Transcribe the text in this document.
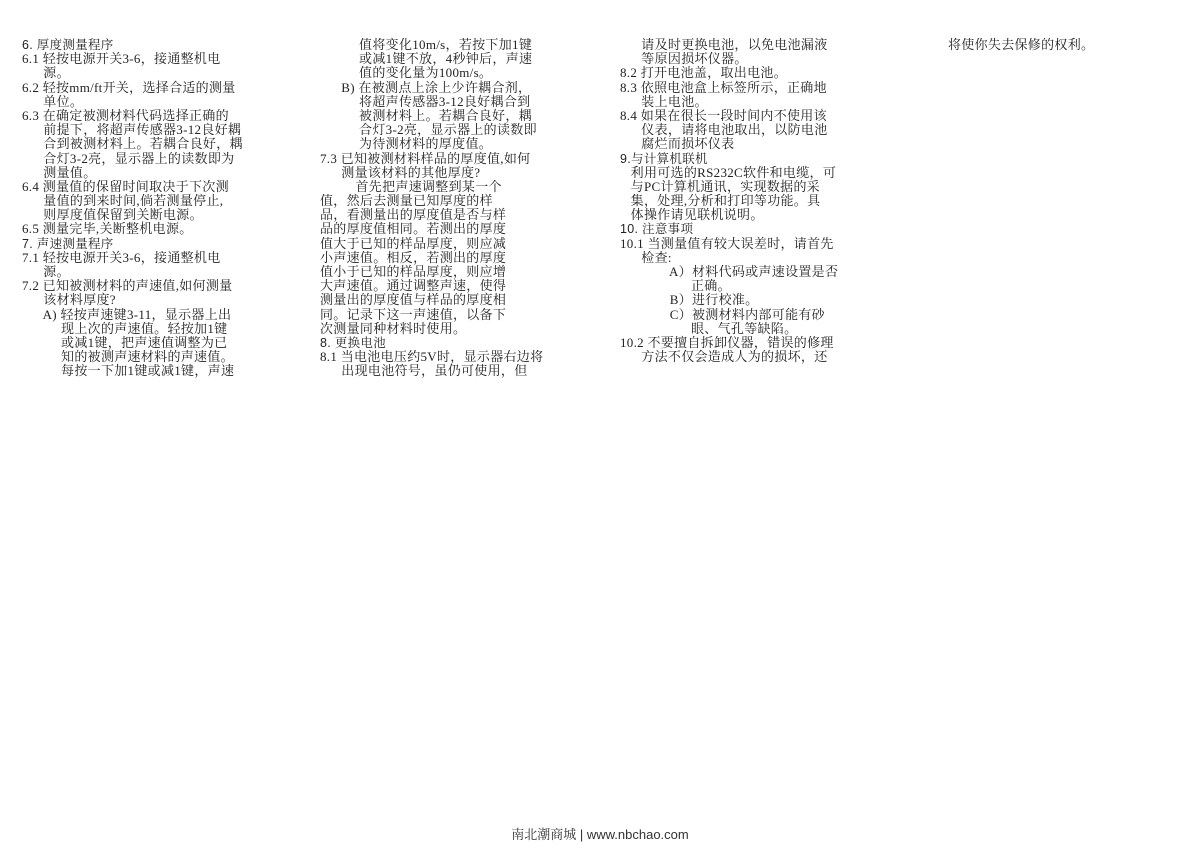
6. 厚度测量程序
6.1 轻按电源开关3-6，接通整机电
源。
6.2 轻按mm/ft开关，选择合适的测量
单位。
6.3 在确定被测材料代码选择正确的
前提下，将超声传感器3-12良好耦
合到被测材料上。若耦合良好，耦
合灯3-2亮，显示器上的读数即为
测量值。
6.4 测量值的保留时间取决于下次测
量值的到来时间,倘若测量停止,
则厚度值保留到关断电源。
6.5 测量完毕,关断整机电源。
7. 声速测量程序
7.1 轻按电源开关3-6，接通整机电
源。
7.2 已知被测材料的声速值,如何测量
该材料厚度?
A) 轻按声速键3-11，显示器上出
现上次的声速值。轻按加1键
或减1键，把声速值调整为已
知的被测声速材料的声速值。
每按一下加1键或减1键，声速
值将变化10m/s，若按下加1键
或减1键不放，4秒钟后，声速
值的变化量为100m/s。
B) 在被测点上涂上少许耦合剂，
将超声传感器3-12良好耦合到
被测材料上。若耦合良好，耦
合灯3-2亮，显示器上的读数即
为待测材料的厚度值。
7.3 已知被测材料样品的厚度值,如何
测量该材料的其他厚度?
首先把声速调整到某一个
值，然后去测量已知厚度的样
品，看测量出的厚度值是否与样
品的厚度值相同。若测出的厚度
值大于已知的样品厚度，则应减
小声速值。相反，若测出的厚度
值小于已知的样品厚度，则应增
大声速值。通过调整声速，使得
测量出的厚度值与样品的厚度相
同。记录下这一声速值，以备下
次测量同种材料时使用。
8. 更换电池
8.1 当电池电压约5V时，显示器右边将
出现电池符号，虽仍可使用，但
请及时更换电池，以免电池漏液
等原因损坏仪器。
8.2 打开电池盖，取出电池。
8.3 依照电池盒上标签所示，正确地
装上电池。
8.4 如果在很长一段时间内不使用该
仪表，请将电池取出，以防电池
腐烂而损坏仪表
9.与计算机联机
利用可选的RS232C软件和电缆，可
与PC计算机通讯，实现数据的采
集，处理,分析和打印等功能。具
体操作请见联机说明。
10. 注意事项
10.1 当测量值有较大误差时，请首先
检查:
A）材料代码或声速设置是否
正确。
B）进行校准。
C）被测材料内部可能有砂
眼、气孔等缺陷。
10.2 不要擅自拆卸仪器，错误的修理
方法不仅会造成人为的损坏，还
将使你失去保修的权利。
南北潮商城 | www.nbchao.com
